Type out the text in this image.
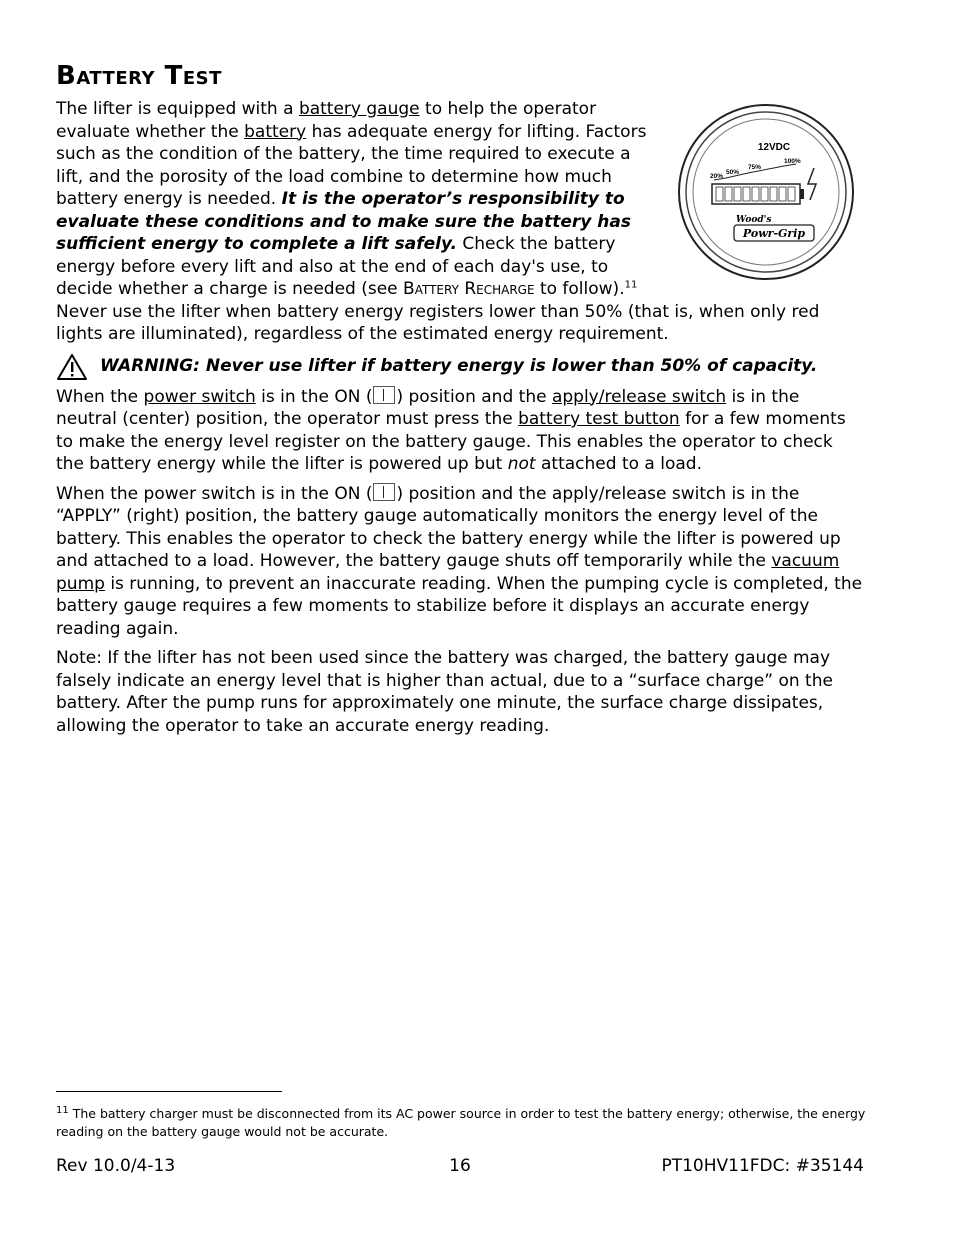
Battery Test
12VDC
20%
50%
75%
100%
Wood's
Powr-Grip

The lifter is equipped with a battery gauge to help the operator evaluate whether the battery has adequate energy for lifting. Factors such as the condition of the battery, the time required to execute a lift, and the porosity of the load combine to determine how much battery energy is needed. It is the operator’s responsibility to evaluate these conditions and to make sure the battery has sufficient energy to complete a lift safely. Check the battery energy before every lift and also at the end of each day's use, to decide whether a charge is needed (see Battery Recharge to follow).$^{11}$ Never use the lifter when battery energy registers lower than 50% (that is, when only red lights are illuminated), regardless of the estimated energy requirement.

WARNING: Never use lifter if battery energy is lower than 50% of capacity.

When the power switch is in the ON ( ) position and the apply/release switch is in the neutral (center) position, the operator must press the battery test button for a few moments to make the energy level register on the battery gauge. This enables the operator to check the battery energy while the lifter is powered up but not attached to a load.

When the power switch is in the ON ( ) position and the apply/release switch is in the “APPLY” (right) position, the battery gauge automatically monitors the energy level of the battery. This enables the operator to check the battery energy while the lifter is powered up and attached to a load. However, the battery gauge shuts off temporarily while the vacuum pump is running, to prevent an inaccurate reading. When the pumping cycle is completed, the battery gauge requires a few moments to stabilize before it displays an accurate energy reading again.

Note: If the lifter has not been used since the battery was charged, the battery gauge may falsely indicate an energy level that is higher than actual, due to a “surface charge” on the battery. After the pump runs for approximately one minute, the surface charge dissipates, allowing the operator to take an accurate energy reading.

$^{11}$ The battery charger must be disconnected from its AC power source in order to test the battery energy; otherwise, the energy reading on the battery gauge would not be accurate.
Rev 10.0/4-13	16	PT10HV11FDC: #35144
